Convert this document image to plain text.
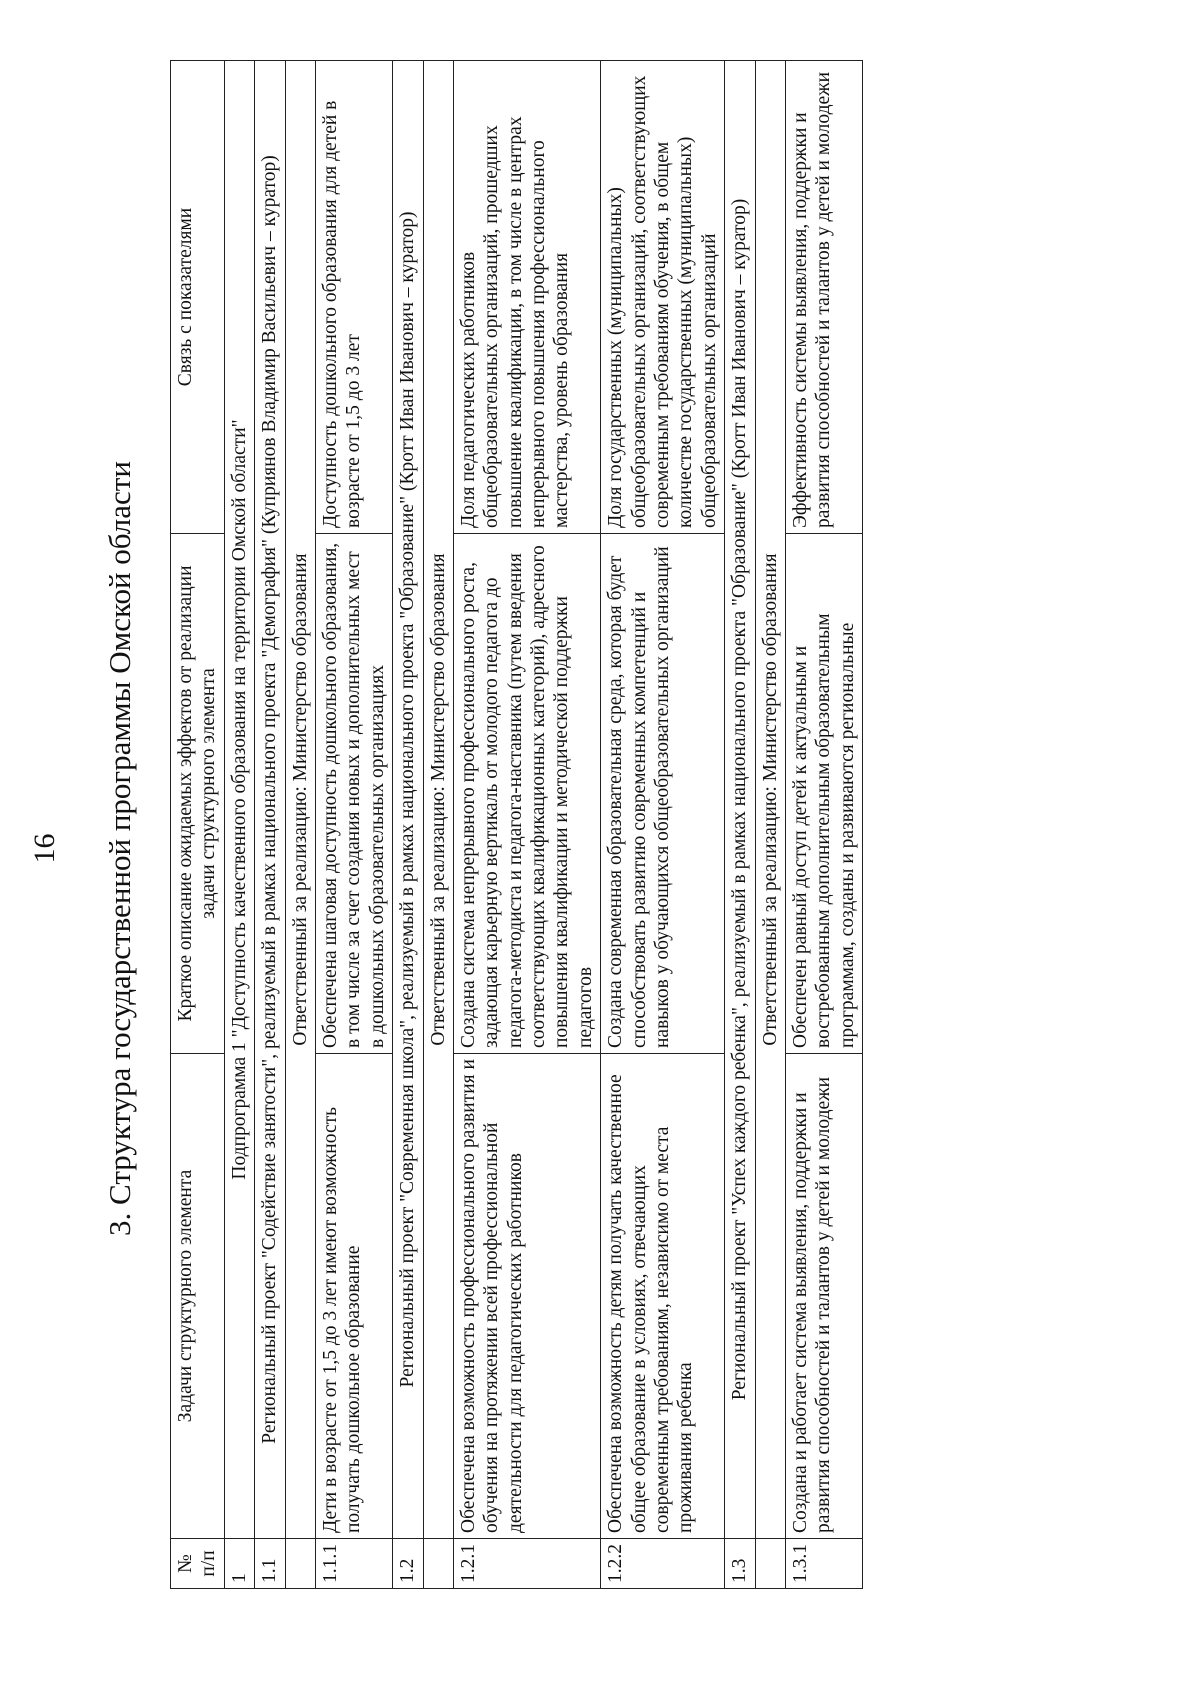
16 3. Структура государственной программы Омской области
№ п/п	Задачи структурного элемента	Краткое описание ожидаемых эффектов от реализации задачи структурного элемента	Связь с показателями
1	Подпрограмма 1 "Доступность качественного образования на территории Омской области"		
1.1	Региональный проект "Содействие занятости", реализуемый в рамках национального проекта "Демография" (Куприянов Владимир Васильевич – куратор)		
	Ответственный за реализацию: Министерство образования		
1.1.1	Дети в возрасте от 1,5 до 3 лет имеют возможность получать дошкольное образование	Обеспечена шаговая доступность дошкольного образования, в том числе за счет создания новых и дополнительных мест в дошкольных образовательных организациях	Доступность дошкольного образования для детей в возрасте от 1,5 до 3 лет
1.2	Региональный проект "Современная школа", реализуемый в рамках национального проекта "Образование" (Кротт Иван Иванович – куратор)		
	Ответственный за реализацию: Министерство образования		
1.2.1	Обеспечена возможность профессионального развития и обучения на протяжении всей профессиональной деятельности для педагогических работников	Создана система непрерывного профессионального роста, задающая карьерную вертикаль от молодого педагога до педагога-методиста и педагога-наставника (путем введения соответствующих квалификационных категорий), адресного повышения квалификации и методической поддержки педагогов	Доля педагогических работников общеобразовательных организаций, прошедших повышение квалификации, в том числе в центрах непрерывного повышения профессионального мастерства, уровень образования
1.2.2	Обеспечена возможность детям получать качественное общее образование в условиях, отвечающих современным требованиям, независимо от места проживания ребенка	Создана современная образовательная среда, которая будет способствовать развитию современных компетенций и навыков у обучающихся общеобразовательных организаций	Доля государственных (муниципальных) общеобразовательных организаций, соответствующих современным требованиям обучения, в общем количестве государственных (муниципальных) общеобразовательных организаций
1.3	Региональный проект "Успех каждого ребенка", реализуемый в рамках национального проекта "Образование" (Кротт Иван Иванович – куратор)		
	Ответственный за реализацию: Министерство образования		
1.3.1	Создана и работает система выявления, поддержки и развития способностей и талантов у детей и молодежи	Обеспечен равный доступ детей к актуальным и востребованным дополнительным образовательным программам, созданы и развиваются региональные	Эффективность системы выявления, поддержки и развития способностей и талантов у детей и молодежи
